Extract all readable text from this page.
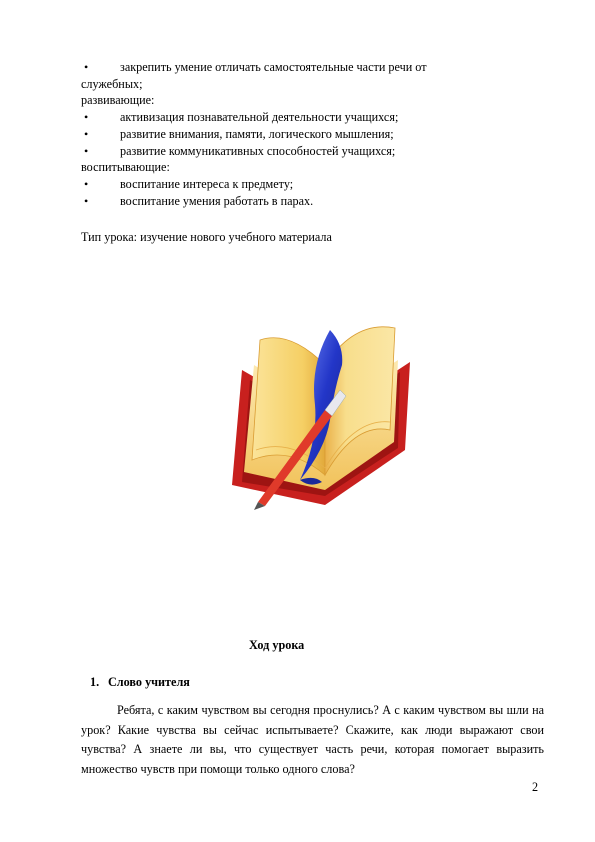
•	закрепить умение отличать самостоятельные части речи от
служебных;
развивающие:
•	активизация познавательной деятельности учащихся;
•	развитие внимания, памяти, логического мышления;
•	развитие коммуникативных способностей учащихся;
воспитывающие:
•	воспитание интереса к предмету;
•	воспитание умения работать в парах.
Тип урока: изучение нового учебного материала
Ход урока
1. Слово учителя

Ребята, с каким чувством вы сегодня проснулись? А с каким чувством вы шли на урок? Какие чувства вы сейчас испытываете? Скажите, как люди выражают свои чувства? А знаете ли вы, что существует часть речи, которая помогает выразить множество чувств при помощи только одного слова?

2
